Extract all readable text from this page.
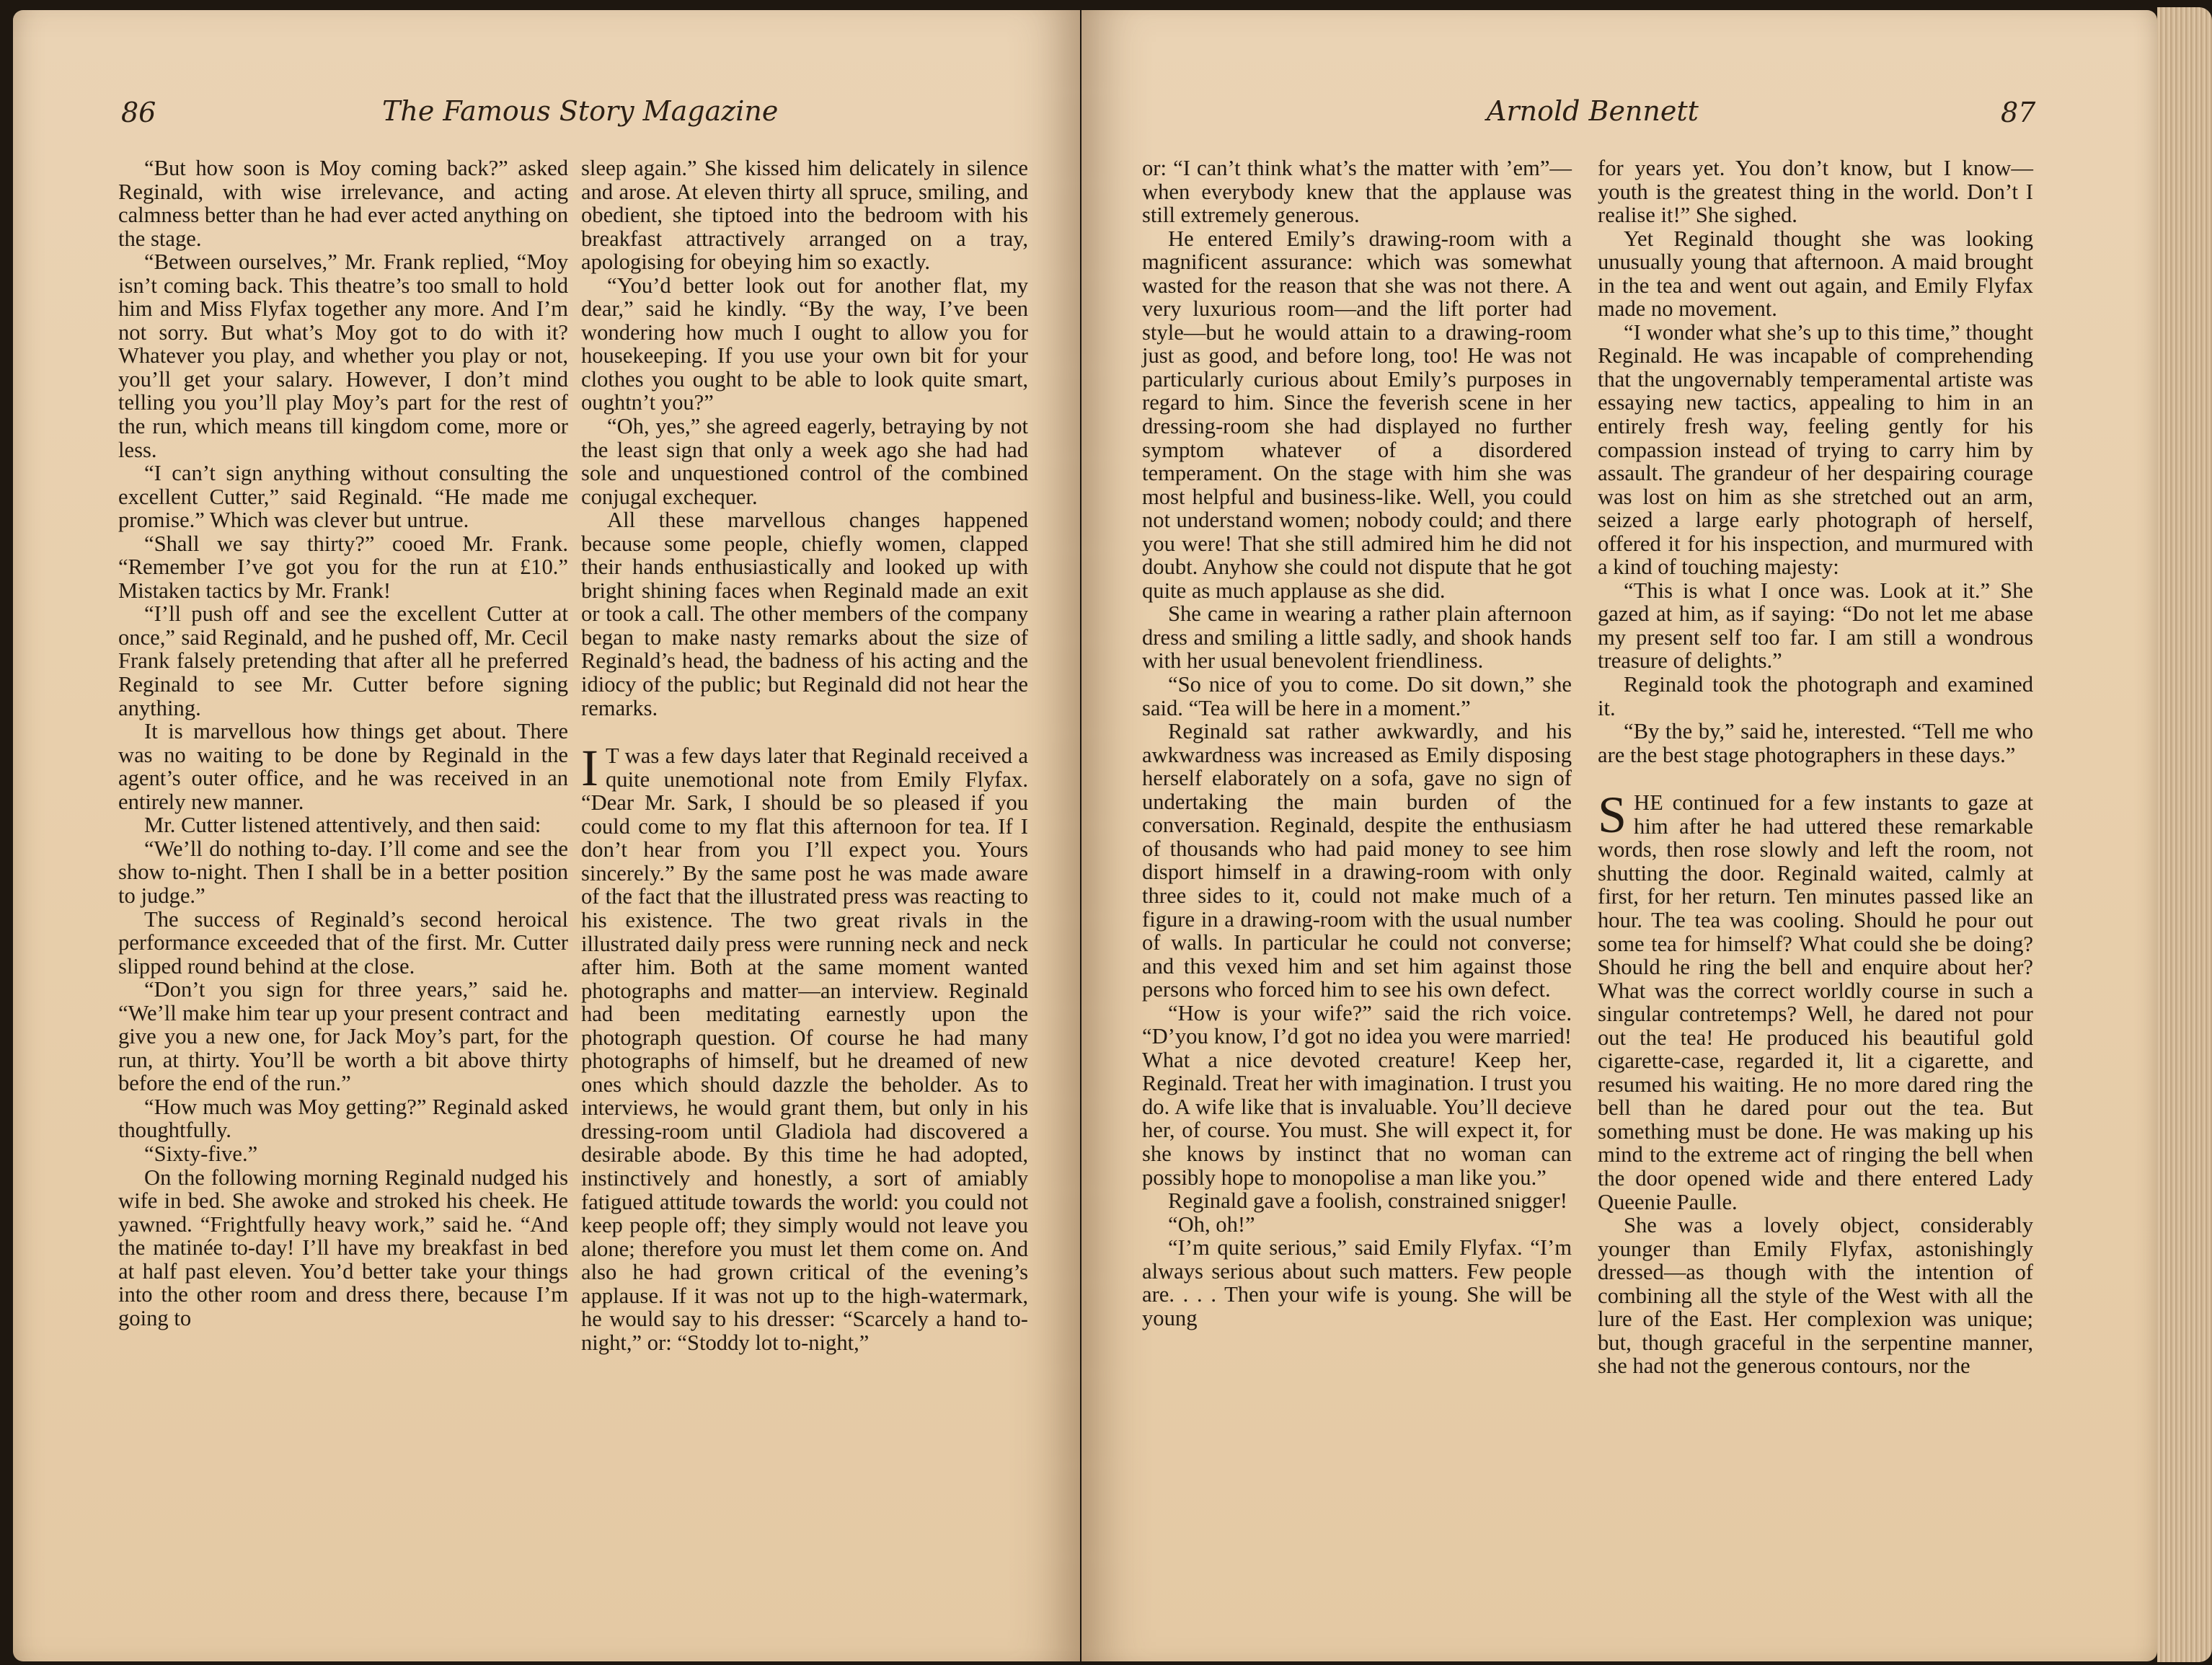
86	The Famous Story Magazine

“But how soon is Moy coming back?” asked Reginald, with wise irrelevance, and acting calmness better than he had ever acted anything on the stage.

“Between ourselves,” Mr. Frank replied, “Moy isn’t coming back. This theatre’s too small to hold him and Miss Flyfax together any more. And I’m not sorry. But what’s Moy got to do with it? Whatever you play, and whether you play or not, you’ll get your salary. However, I don’t mind telling you you’ll play Moy’s part for the rest of the run, which means till kingdom come, more or less.

“I can’t sign anything without consulting the excellent Cutter,” said Reginald. “He made me promise.” Which was clever but untrue.

“Shall we say thirty?” cooed Mr. Frank. “Remember I’ve got you for the run at £10.” Mistaken tactics by Mr. Frank!

“I’ll push off and see the excellent Cutter at once,” said Reginald, and he pushed off, Mr. Cecil Frank falsely pretending that after all he preferred Reginald to see Mr. Cutter before signing anything.

It is marvellous how things get about. There was no waiting to be done by Reginald in the agent’s outer office, and he was received in an entirely new manner.

Mr. Cutter listened attentively, and then said:

“We’ll do nothing to-day. I’ll come and see the show to-night. Then I shall be in a better position to judge.”

The success of Reginald’s second heroical performance exceeded that of the first. Mr. Cutter slipped round behind at the close.

“Don’t you sign for three years,” said he. “We’ll make him tear up your present contract and give you a new one, for Jack Moy’s part, for the run, at thirty. You’ll be worth a bit above thirty before the end of the run.”

“How much was Moy getting?” Reginald asked thoughtfully.

“Sixty-five.”

On the following morning Reginald nudged his wife in bed. She awoke and stroked his cheek. He yawned. “Frightfully heavy work,” said he. “And the matinée to-day! I’ll have my breakfast in bed at half past eleven. You’d better take your things into the other room and dress there, because I’m going to

sleep again.” She kissed him delicately in silence and arose. At eleven thirty all spruce, smiling, and obedient, she tiptoed into the bedroom with his breakfast attractively arranged on a tray, apologising for obeying him so exactly.

“You’d better look out for another flat, my dear,” said he kindly. “By the way, I’ve been wondering how much I ought to allow you for housekeeping. If you use your own bit for your clothes you ought to be able to look quite smart, oughtn’t you?”

“Oh, yes,” she agreed eagerly, betraying by not the least sign that only a week ago she had had sole and unquestioned control of the combined conjugal exchequer.

All these marvellous changes happened because some people, chiefly women, clapped their hands enthusiastically and looked up with bright shining faces when Reginald made an exit or took a call. The other members of the company began to make nasty remarks about the size of Reginald’s head, the badness of his acting and the idiocy of the public; but Reginald did not hear the remarks.

I T was a few days later that Reginald received a quite unemotional note from Emily Flyfax. “Dear Mr. Sark, I should be so pleased if you could come to my flat this afternoon for tea. If I don’t hear from you I’ll expect you. Yours sincerely.” By the same post he was made aware of the fact that the illustrated press was reacting to his existence. The two great rivals in the illustrated daily press were running neck and neck after him. Both at the same moment wanted photographs and matter—an interview. Reginald had been meditating earnestly upon the photograph question. Of course he had many photographs of himself, but he dreamed of new ones which should dazzle the beholder. As to interviews, he would grant them, but only in his dressing-room until Gladiola had discovered a desirable abode. By this time he had adopted, instinctively and honestly, a sort of amiably fatigued attitude towards the world: you could not keep people off; they simply would not leave you alone; therefore you must let them come on. And also he had grown critical of the evening’s applause. If it was not up to the high-watermark, he would say to his dresser: “Scarcely a hand to-night,” or: “Stoddy lot to-night,”

Arnold Bennett	87

or: “I can’t think what’s the matter with ’em”—when everybody knew that the applause was still extremely generous.

He entered Emily’s drawing-room with a magnificent assurance: which was somewhat wasted for the reason that she was not there. A very luxurious room—and the lift porter had style—but he would attain to a drawing-room just as good, and before long, too! He was not particularly curious about Emily’s purposes in regard to him. Since the feverish scene in her dressing-room she had displayed no further symptom whatever of a disordered temperament. On the stage with him she was most helpful and business-like. Well, you could not understand women; nobody could; and there you were! That she still admired him he did not doubt. Anyhow she could not dispute that he got quite as much applause as she did.

She came in wearing a rather plain afternoon dress and smiling a little sadly, and shook hands with her usual benevolent friendliness.

“So nice of you to come. Do sit down,” she said. “Tea will be here in a moment.”

Reginald sat rather awkwardly, and his awkwardness was increased as Emily disposing herself elaborately on a sofa, gave no sign of undertaking the main burden of the conversation. Reginald, despite the enthusiasm of thousands who had paid money to see him disport himself in a drawing-room with only three sides to it, could not make much of a figure in a drawing-room with the usual number of walls. In particular he could not converse; and this vexed him and set him against those persons who forced him to see his own defect.

“How is your wife?” said the rich voice. “D’you know, I’d got no idea you were married! What a nice devoted creature! Keep her, Reginald. Treat her with imagination. I trust you do. A wife like that is invaluable. You’ll decieve her, of course. You must. She will expect it, for she knows by instinct that no woman can possibly hope to monopolise a man like you.”

Reginald gave a foolish, constrained snigger!

“Oh, oh!”

“I’m quite serious,” said Emily Flyfax. “I’m always serious about such matters. Few people are. . . . Then your wife is young. She will be young

for years yet. You don’t know, but I know—youth is the greatest thing in the world. Don’t I realise it!” She sighed.

Yet Reginald thought she was looking unusually young that afternoon. A maid brought in the tea and went out again, and Emily Flyfax made no movement.

“I wonder what she’s up to this time,” thought Reginald. He was incapable of comprehending that the ungovernably temperamental artiste was essaying new tactics, appealing to him in an entirely fresh way, feeling gently for his compassion instead of trying to carry him by assault. The grandeur of her despairing courage was lost on him as she stretched out an arm, seized a large early photograph of herself, offered it for his inspection, and murmured with a kind of touching majesty:

“This is what I once was. Look at it.” She gazed at him, as if saying: “Do not let me abase my present self too far. I am still a wondrous treasure of delights.”

Reginald took the photograph and examined it.

“By the by,” said he, interested. “Tell me who are the best stage photographers in these days.”

SHE continued for a few instants to gaze at him after he had uttered these remarkable words, then rose slowly and left the room, not shutting the door. Reginald waited, calmly at first, for her return. Ten minutes passed like an hour. The tea was cooling. Should he pour out some tea for himself? What could she be doing? Should he ring the bell and enquire about her? What was the correct worldly course in such a singular contretemps? Well, he dared not pour out the tea! He produced his beautiful gold cigarette-case, regarded it, lit a cigarette, and resumed his waiting. He no more dared ring the bell than he dared pour out the tea. But something must be done. He was making up his mind to the extreme act of ringing the bell when the door opened wide and there entered Lady Queenie Paulle.

She was a lovely object, considerably younger than Emily Flyfax, astonishingly dressed—as though with the intention of combining all the style of the West with all the lure of the East. Her complexion was unique; but, though graceful in the serpentine manner, she had not the generous contours, nor the
